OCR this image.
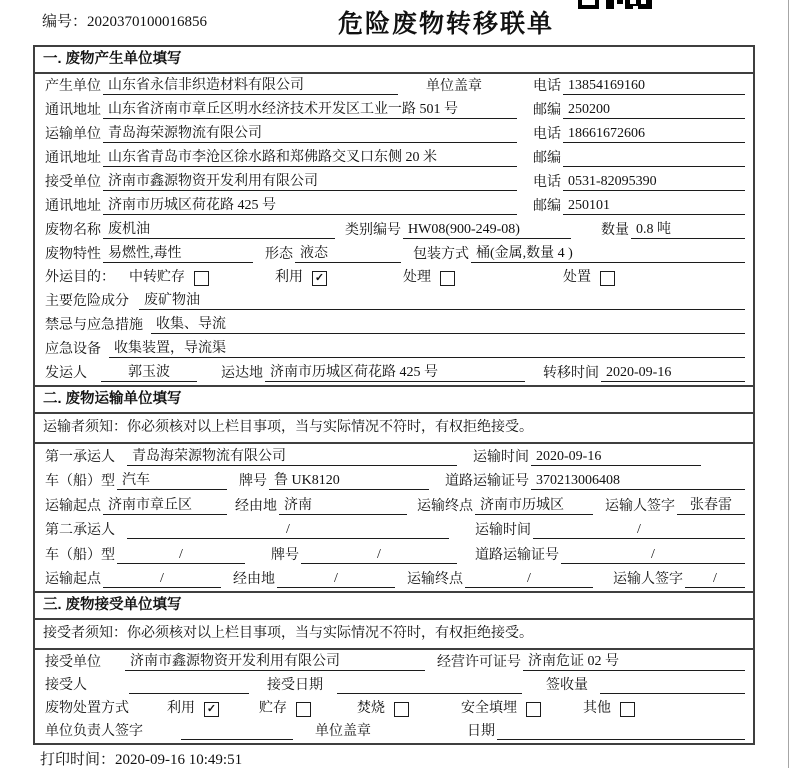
编号：2020370100016856	危险废物转移联单
一. 废物产生单位填写
产生单位 山东省永信非织造材料有限公司	单位盖章	电话 13854169160
通讯地址 山东省济南市章丘区明水经济技术开发区工业一路 501 号	邮编 250200
运输单位 青岛海荣源物流有限公司	电话 18661672606
通讯地址 山东省青岛市李沧区徐水路和郑佛路交叉口东侧 20 米	邮编
接受单位 济南市鑫源物资开发利用有限公司	电话 0531-82095390
通讯地址 济南市历城区荷花路 425 号	邮编 250101
废物名称 废机油	类别编号 HW08(900-249-08)	数量 0.8 吨
废物特性 易燃性,毒性	形态 液态	包装方式 桶(金属,数量 4 )
外运目的： 中转贮存	利用 ✓	处理	处置
主要危险成分	废矿物油
禁忌与应急措施 收集、导流
应急设备 收集装置，导流渠
发运人	郭玉波	运达地 济南市历城区荷花路 425 号	转移时间 2020-09-16
二. 废物运输单位填写
运输者须知：你必须核对以上栏目事项，当与实际情况不符时，有权拒绝接受。
第一承运人	青岛海荣源物流有限公司	运输时间 2020-09-16
车（船）型 汽车	牌号 鲁 UK8120	道路运输证号 370213006408
运输起点 济南市章丘区	经由地 济南	运输终点 济南市历城区	运输人签字	张春雷
第二承运人	/	运输时间	/
车（船）型	/	牌号	/	道路运输证号	/
运输起点	/	经由地	/	运输终点	/	运输人签字	/
三. 废物接受单位填写
接受者须知：你必须核对以上栏目事项，当与实际情况不符时，有权拒绝接受。
接受单位	济南市鑫源物资开发利用有限公司	经营许可证号 济南危证 02 号
接受人	接受日期	签收量
废物处置方式	利用 ✓	贮存	焚烧	安全填埋	其他
单位负责人签字	单位盖章	日期
打印时间：2020-09-16 10:49:51
